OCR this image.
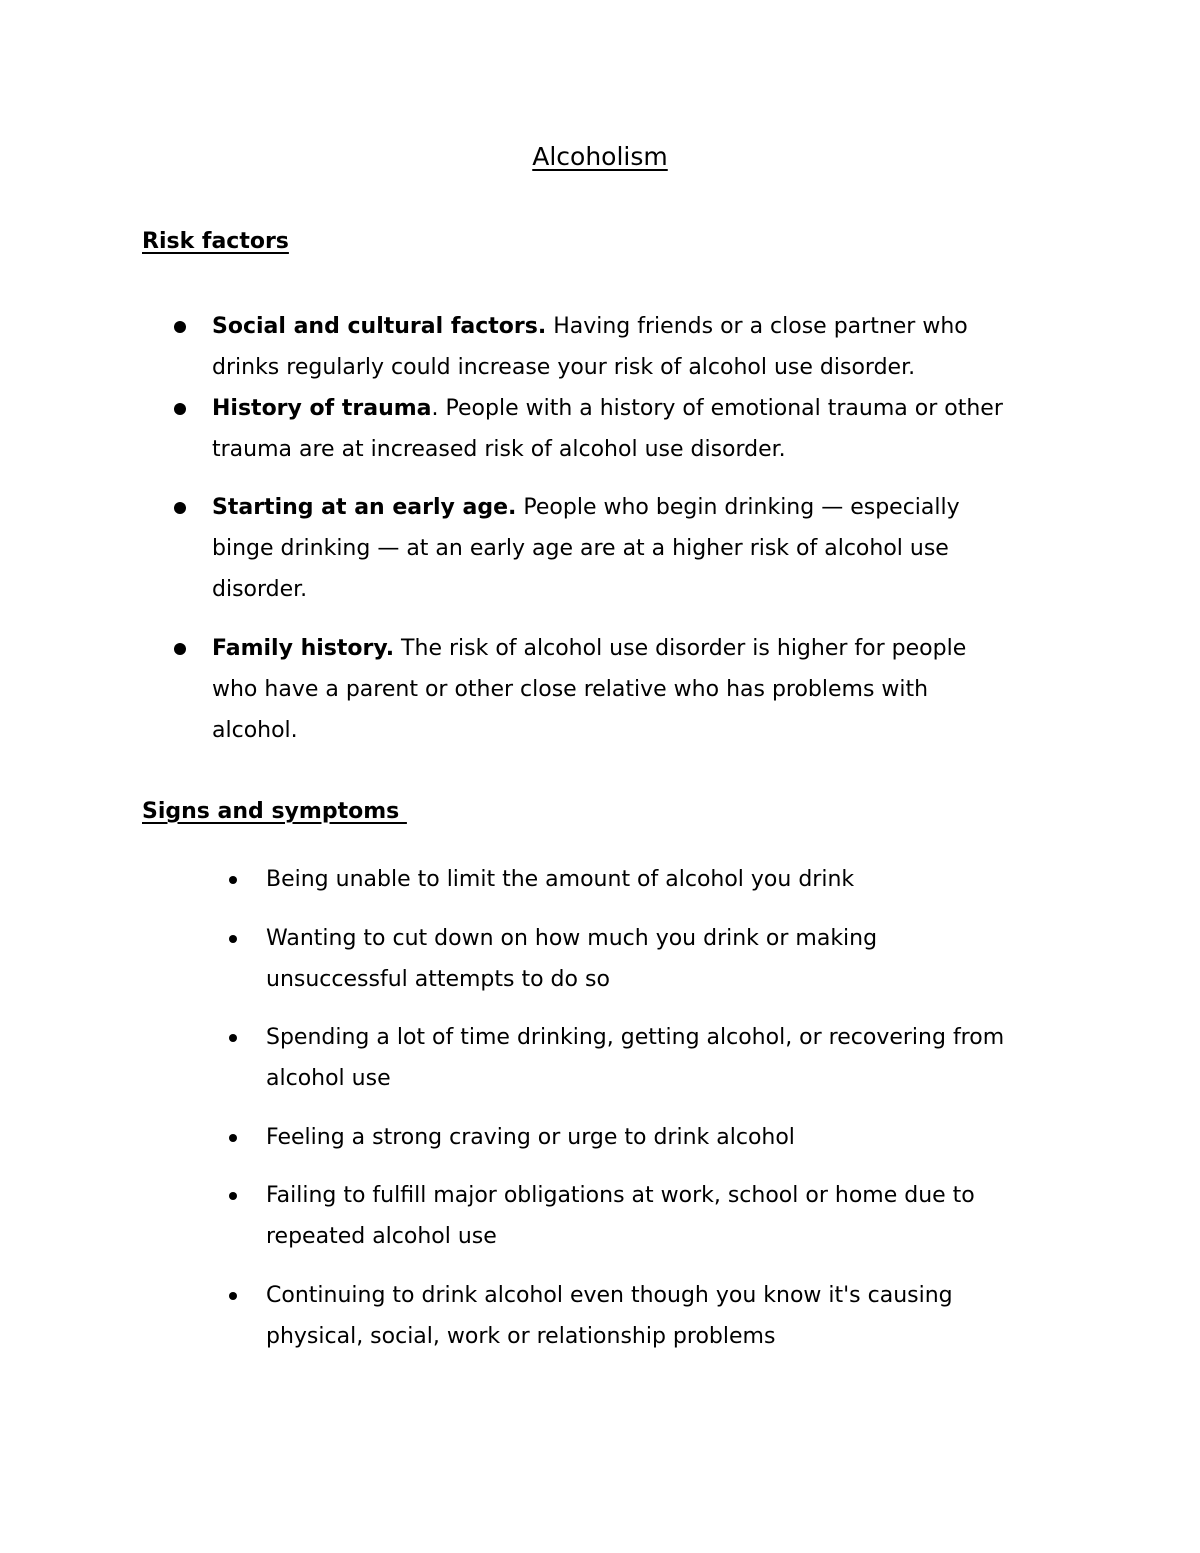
Alcoholism
Risk factors
Social and cultural factors. Having friends or a close partner who
drinks regularly could increase your risk of alcohol use disorder.
History of trauma. People with a history of emotional trauma or other
trauma are at increased risk of alcohol use disorder.
Starting at an early age. People who begin drinking — especially
binge drinking — at an early age are at a higher risk of alcohol use
disorder.
Family history. The risk of alcohol use disorder is higher for people
who have a parent or other close relative who has problems with
alcohol.
Signs and symptoms
Being unable to limit the amount of alcohol you drink
Wanting to cut down on how much you drink or making
unsuccessful attempts to do so
Spending a lot of time drinking, getting alcohol, or recovering from
alcohol use
Feeling a strong craving or urge to drink alcohol
Failing to fulfill major obligations at work, school or home due to
repeated alcohol use
Continuing to drink alcohol even though you know it's causing
physical, social, work or relationship problems
